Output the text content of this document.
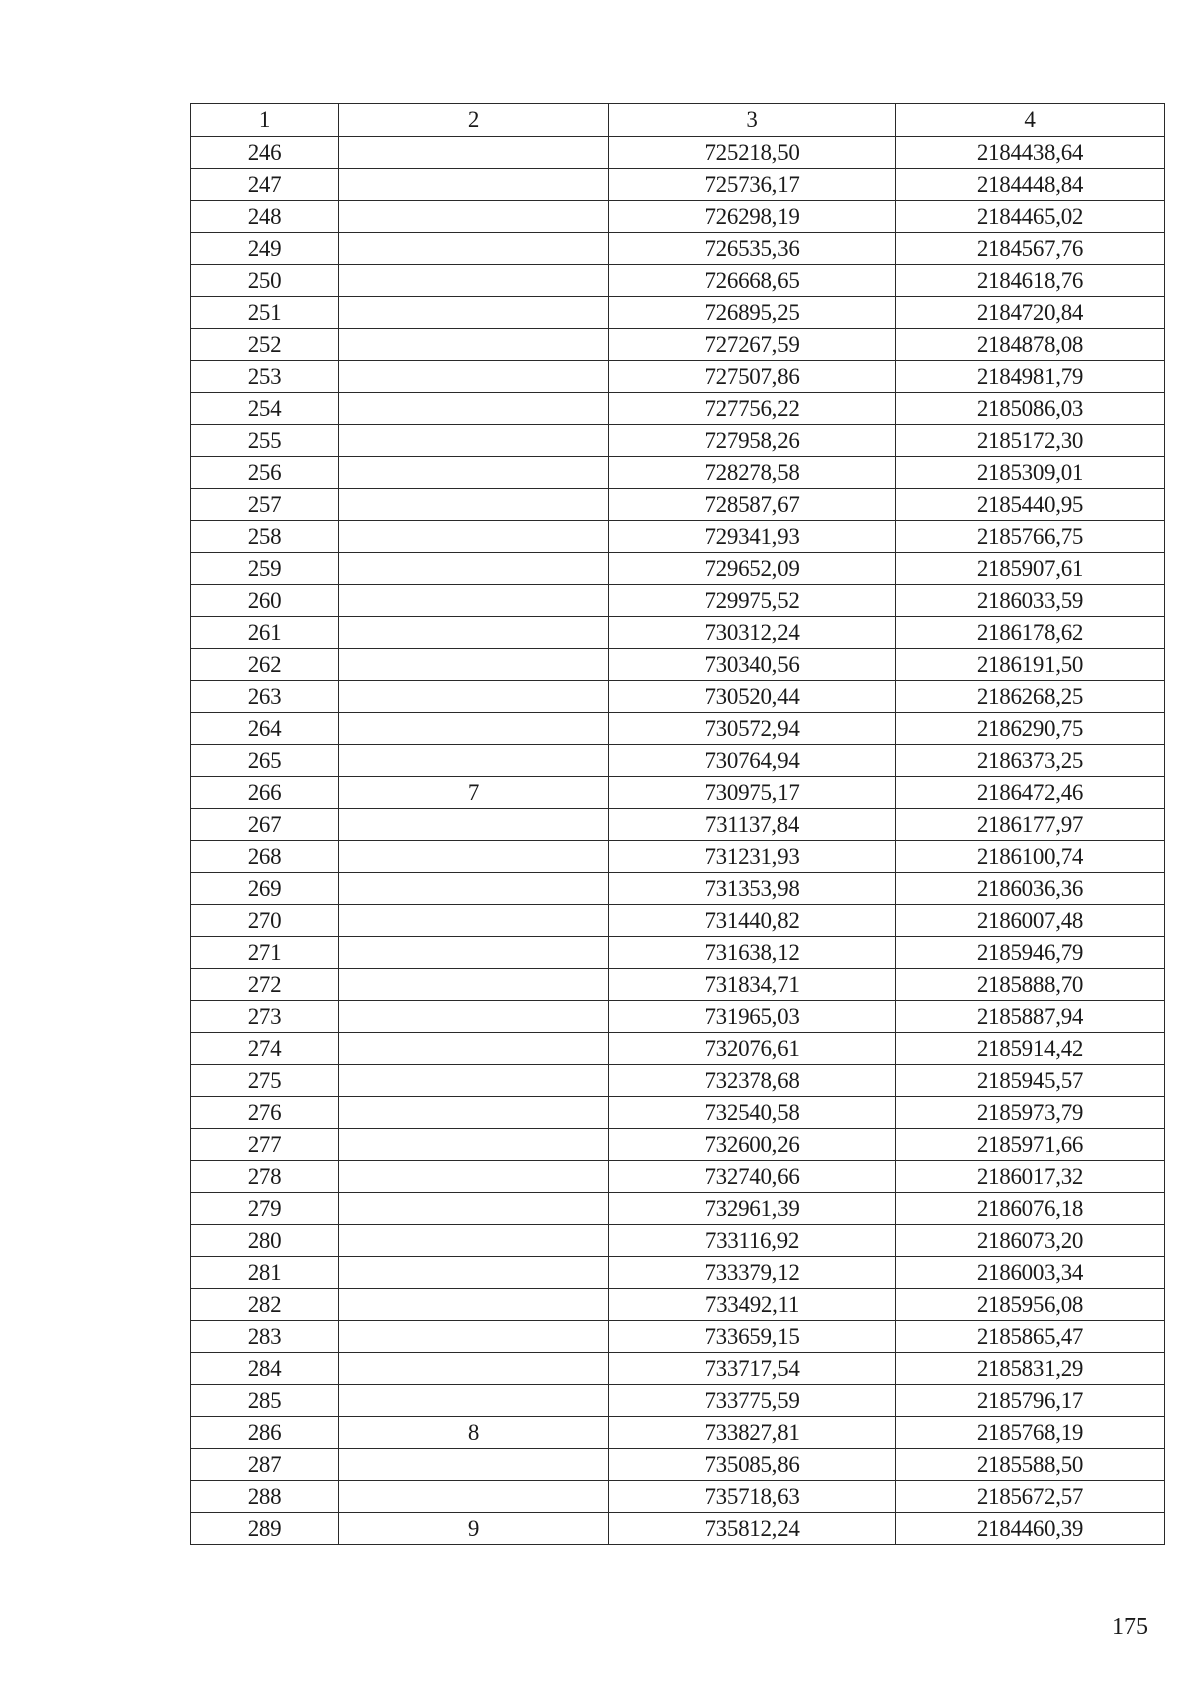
1	2	3	4
246		725218,50	2184438,64
247		725736,17	2184448,84
248		726298,19	2184465,02
249		726535,36	2184567,76
250		726668,65	2184618,76
251		726895,25	2184720,84
252		727267,59	2184878,08
253		727507,86	2184981,79
254		727756,22	2185086,03
255		727958,26	2185172,30
256		728278,58	2185309,01
257		728587,67	2185440,95
258		729341,93	2185766,75
259		729652,09	2185907,61
260		729975,52	2186033,59
261		730312,24	2186178,62
262		730340,56	2186191,50
263		730520,44	2186268,25
264		730572,94	2186290,75
265		730764,94	2186373,25
266	7	730975,17	2186472,46
267		731137,84	2186177,97
268		731231,93	2186100,74
269		731353,98	2186036,36
270		731440,82	2186007,48
271		731638,12	2185946,79
272		731834,71	2185888,70
273		731965,03	2185887,94
274		732076,61	2185914,42
275		732378,68	2185945,57
276		732540,58	2185973,79
277		732600,26	2185971,66
278		732740,66	2186017,32
279		732961,39	2186076,18
280		733116,92	2186073,20
281		733379,12	2186003,34
282		733492,11	2185956,08
283		733659,15	2185865,47
284		733717,54	2185831,29
285		733775,59	2185796,17
286	8	733827,81	2185768,19
287		735085,86	2185588,50
288		735718,63	2185672,57
289	9	735812,24	2184460,39
175
